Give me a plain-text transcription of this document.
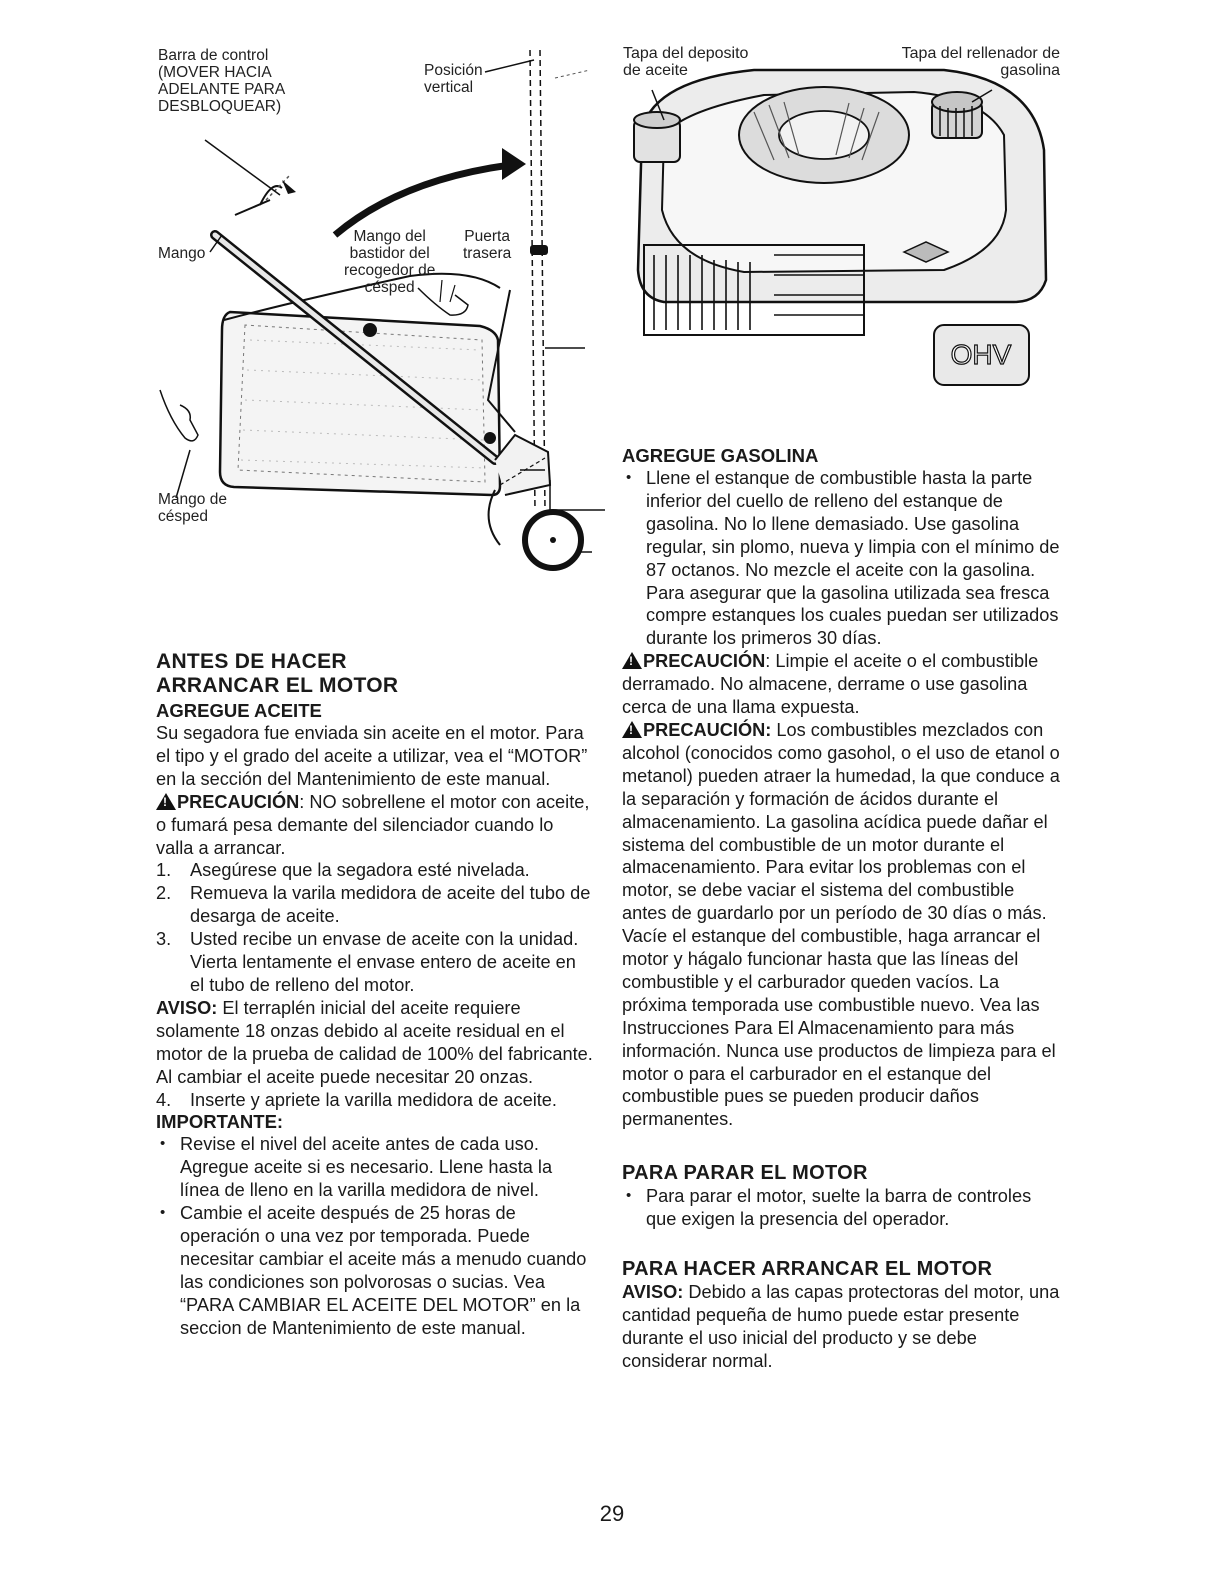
Barra de control
(MOVER HACIA
ADELANTE PARA
DESBLOQUEAR)
Posición
vertical
Mango
Mango del
bastidor del
recogedor de
césped
Puerta
trasera
Mango de
césped
OHV
Tapa del deposito
de aceite
Tapa del rellenador de
gasolina

ANTES DE HACER

ARRANCAR EL MOTOR

AGREGUE ACEITE

Su segadora fue enviada sin aceite en el motor. Para el tipo y el grado del aceite a utilizar, vea el “MOTOR” en la sección del Mantenimiento de este manual.

!PRECAUCIÓN: NO sobrellene el motor con aceite, o fumará pesa demante del silenciador cuando lo valla a arrancar.

1. Asegúrese que la segadora esté nivelada.
2. Remueva la varila medidora de aceite del tubo de desarga de aceite.
3. Usted recibe un envase de aceite con la unidad. Vierta lentamente el envase entero de aceite en el tubo de relleno del motor.

AVISO: El terraplén inicial del aceite requiere solamente 18 onzas debido al aceite residual en el motor de la prueba de calidad de 100% del fabricante. Al cambiar el aceite puede necesitar 20 onzas.

4. Inserte y apriete la varilla medidora de aceite.

IMPORTANTE:

• Revise el nivel del aceite antes de cada uso. Agregue aceite si es necesario. Llene hasta la línea de lleno en la varilla medidora de nivel.
• Cambie el aceite después de 25 horas de operación o una vez por temporada. Puede necesitar cambiar el aceite más a menudo cuando las condiciones son polvorosas o sucias. Vea “PARA CAMBIAR EL ACEITE DEL MOTOR” en la seccion de Mantenimiento de este manual.

AGREGUE GASOLINA

• Llene el estanque de combustible hasta la parte inferior del cuello de relleno del estanque de gasolina. No lo llene demasiado. Use gasolina regular, sin plomo, nueva y limpia con el mínimo de 87 octanos. No mezcle el aceite con la gasolina. Para asegurar que la gasolina utilizada sea fresca compre estanques los cuales puedan ser utilizados durante los primeros 30 días.

!PRECAUCIÓN: Limpie el aceite o el combustible derramado. No almacene, derrame o use gasolina cerca de una llama expuesta.

!PRECAUCIÓN: Los combustibles mezclados con alcohol (conocidos como gasohol, o el uso de etanol o metanol) pueden atraer la humedad, la que conduce a la separación y formación de ácidos durante el almacenamiento. La gasolina acídica puede dañar el sistema del combustible de un motor durante el almacenamiento. Para evitar los problemas con el motor, se debe vaciar el sistema del combustible antes de guardarlo por un período de 30 días o más. Vacíe el estanque del combustible, haga arrancar el motor y hágalo funcionar hasta que las líneas del combustible y el carburador queden vacíos. La próxima temporada use combustible nuevo. Vea las Instrucciones Para El Almacenamiento para más información. Nunca use productos de limpieza para el motor o para el carburador en el estanque del combustible pues se pueden producir daños permanentes.

PARA PARAR EL MOTOR

• Para parar el motor, suelte la barra de controles que exigen la presencia del operador.

PARA HACER ARRANCAR EL MOTOR

AVISO: Debido a las capas protectoras del motor, una cantidad pequeña de humo puede estar presente durante el uso inicial del producto y se debe considerar normal.

29
